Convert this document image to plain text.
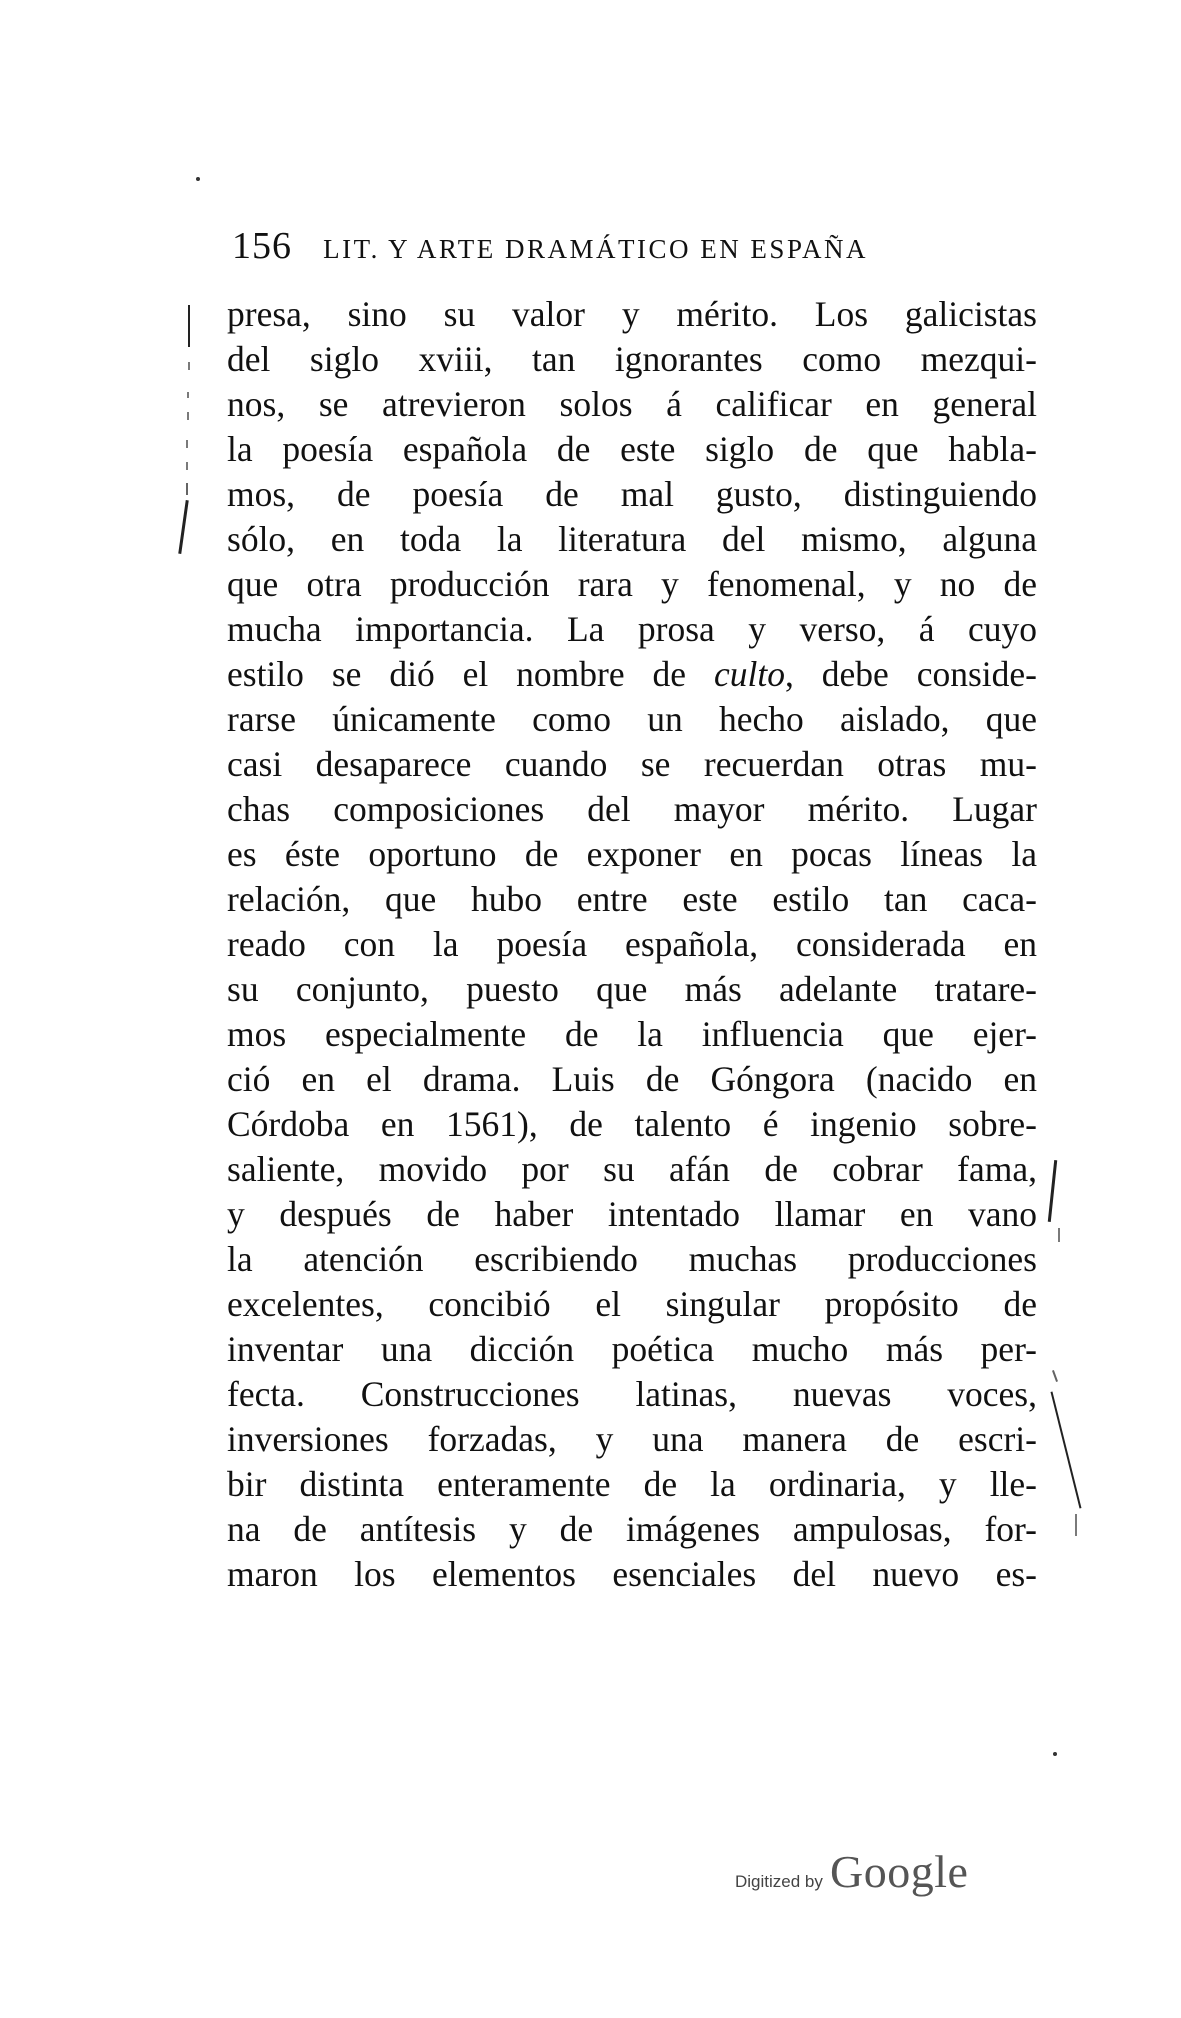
156 LIT. Y ARTE DRAMÁTICO EN ESPAÑA
presa, sino su valor y mérito. Los galicistas
del siglo xviii, tan ignorantes como mezqui-
nos, se atrevieron solos á calificar en general
la poesía española de este siglo de que habla-
mos, de poesía de mal gusto, distinguiendo
sólo, en toda la literatura del mismo, alguna
que otra producción rara y fenomenal, y no de
mucha importancia. La prosa y verso, á cuyo
estilo se dió el nombre de culto, debe conside-
rarse únicamente como un hecho aislado, que
casi desaparece cuando se recuerdan otras mu-
chas composiciones del mayor mérito. Lugar
es éste oportuno de exponer en pocas líneas la
relación, que hubo entre este estilo tan caca-
reado con la poesía española, considerada en
su conjunto, puesto que más adelante tratare-
mos especialmente de la influencia que ejer-
ció en el drama. Luis de Góngora (nacido en
Córdoba en 1561), de talento é ingenio sobre-
saliente, movido por su afán de cobrar fama,
y después de haber intentado llamar en vano
la atención escribiendo muchas producciones
excelentes, concibió el singular propósito de
inventar una dicción poética mucho más per-
fecta. Construcciones latinas, nuevas voces,
inversiones forzadas, y una manera de escri-
bir distinta enteramente de la ordinaria, y lle-
na de antítesis y de imágenes ampulosas, for-
maron los elementos esenciales del nuevo es-
Digitized by Google
